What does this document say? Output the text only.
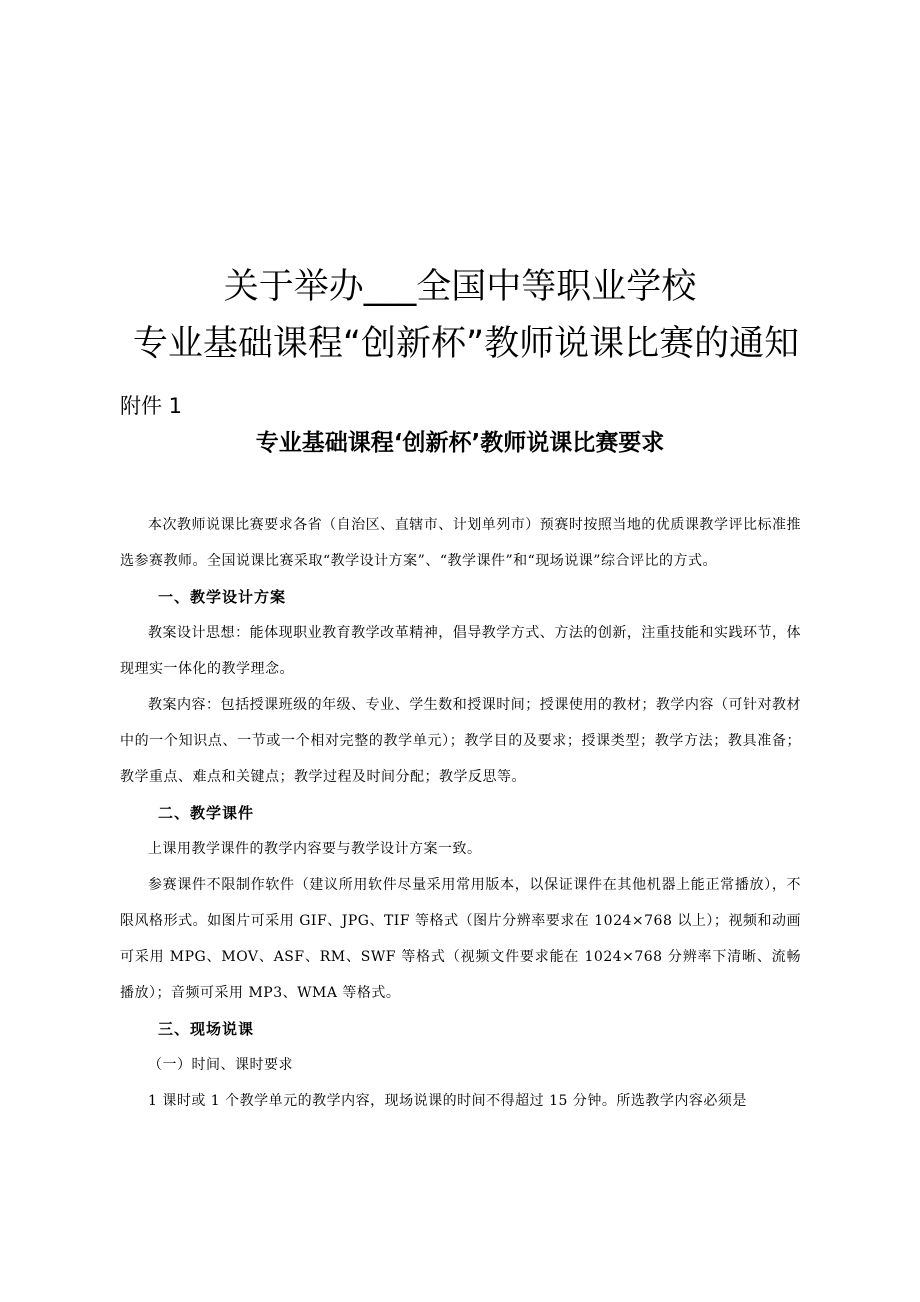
关于举办___全国中等职业学校
专业基础课程“创新杯”教师说课比赛的通知
附件 1
专业基础课程‘创新杯’教师说课比赛要求

本次教师说课比赛要求各省（自治区、直辖市、计划单列市）预赛时按照当地的优质课教学评比标准推选参赛教师。全国说课比赛采取“教学设计方案”、“教学课件”和“现场说课”综合评比的方式。

一、教学设计方案

教案设计思想：能体现职业教育教学改革精神，倡导教学方式、方法的创新，注重技能和实践环节，体现理实一体化的教学理念。

教案内容：包括授课班级的年级、专业、学生数和授课时间；授课使用的教材；教学内容（可针对教材中的一个知识点、一节或一个相对完整的教学单元）；教学目的及要求；授课类型；教学方法；教具准备；教学重点、难点和关键点；教学过程及时间分配；教学反思等。

二、教学课件

上课用教学课件的教学内容要与教学设计方案一致。

参赛课件不限制作软件（建议所用软件尽量采用常用版本，以保证课件在其他机器上能正常播放），不限风格形式。如图片可采用 GIF、JPG、TIF 等格式（图片分辨率要求在 1024×768 以上）；视频和动画可采用 MPG、MOV、ASF、RM、SWF 等格式（视频文件要求能在 1024×768 分辨率下清晰、流畅播放）；音频可采用 MP3、WMA 等格式。

三、现场说课

（一）时间、课时要求

1 课时或 1 个教学单元的教学内容，现场说课的时间不得超过 15 分钟。所选教学内容必须是
